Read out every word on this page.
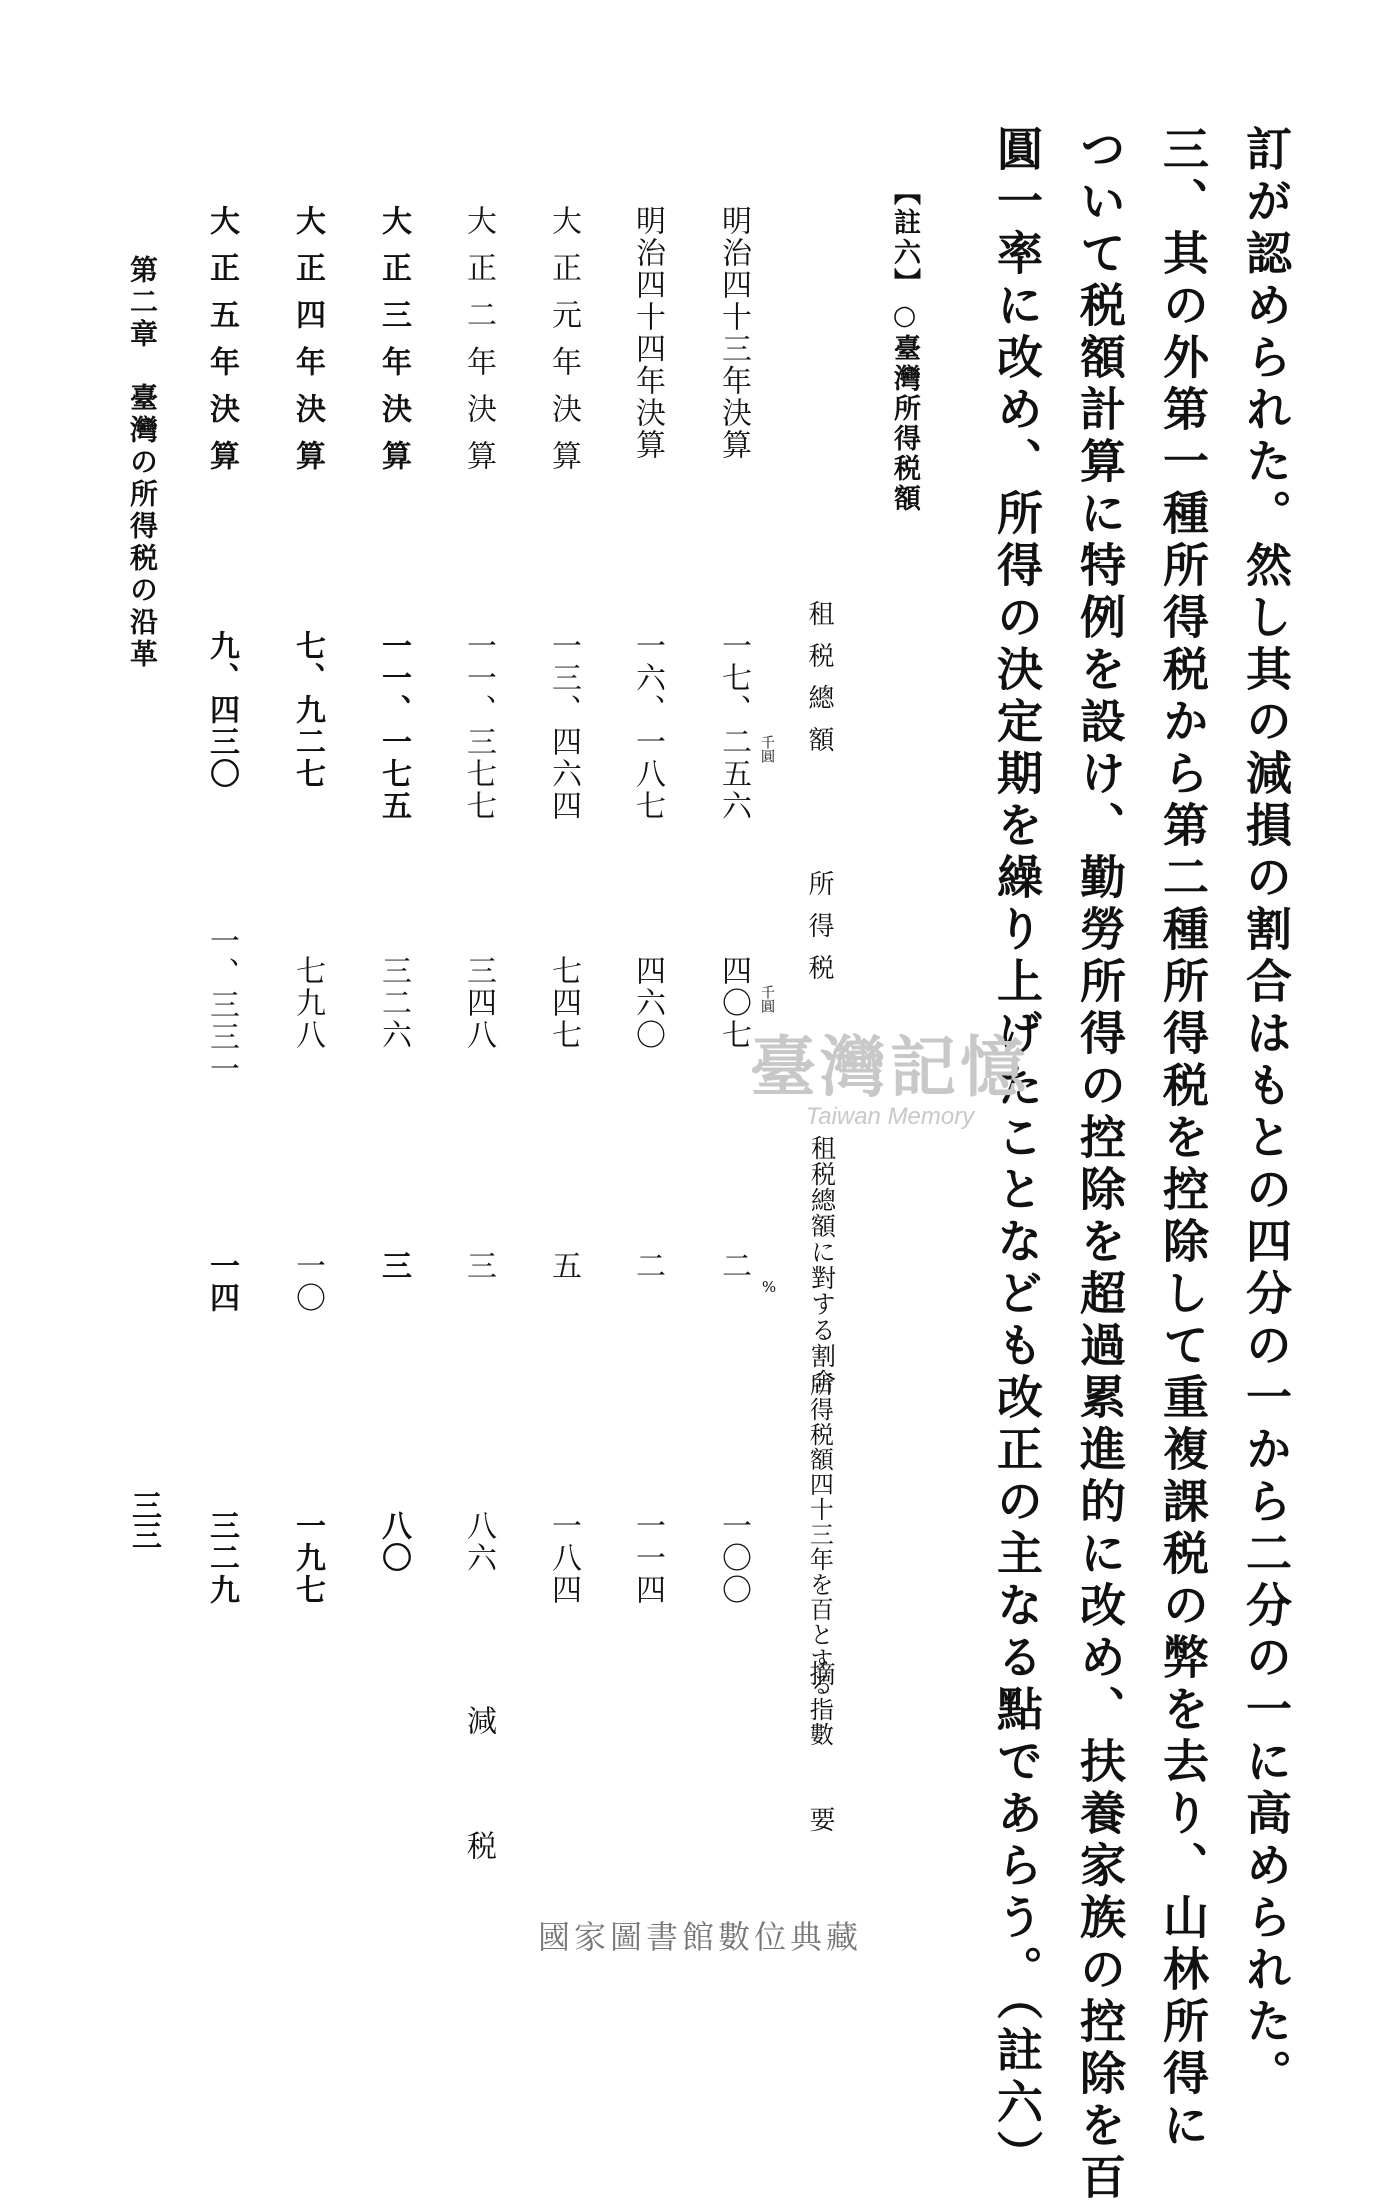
訂が認められた。然し其の減損の割合はもとの四分の一から二分の一に高められた。
三、其の外第一種所得税から第二種所得税を控除して重複課税の弊を去り、山林所得に
ついて税額計算に特例を設け、勤勞所得の控除を超過累進的に改め、扶養家族の控除を百
圓一率に改め、所得の決定期を繰り上げたことなども改正の主なる點であらう。（註六）
【註六】
○臺灣所得税額
租税總額
所得税
租税總額に對する割合
所得税額四十三年を百とする指數
摘要
千圓
千圓
%
明治四十三年決算
一七、二五六
四〇七
二
一〇〇
明治四十四年決算
一六、一八七
四六〇
二
一一四
大正元年決算
一三、四六四
七四七
五
一八四
大正二年決算
一一、三七七
三四八
三
八六
減税
大正三年決算
一一、一七五
三二六
三
八〇
大正四年決算
七、九二七
七九八
一〇
一九七
大正五年決算
九、四三〇
一、三三一
一四
三二九
第二章　臺灣の所得税の沿革
三三
臺灣記憶
Taiwan Memory
國家圖書館數位典藏
